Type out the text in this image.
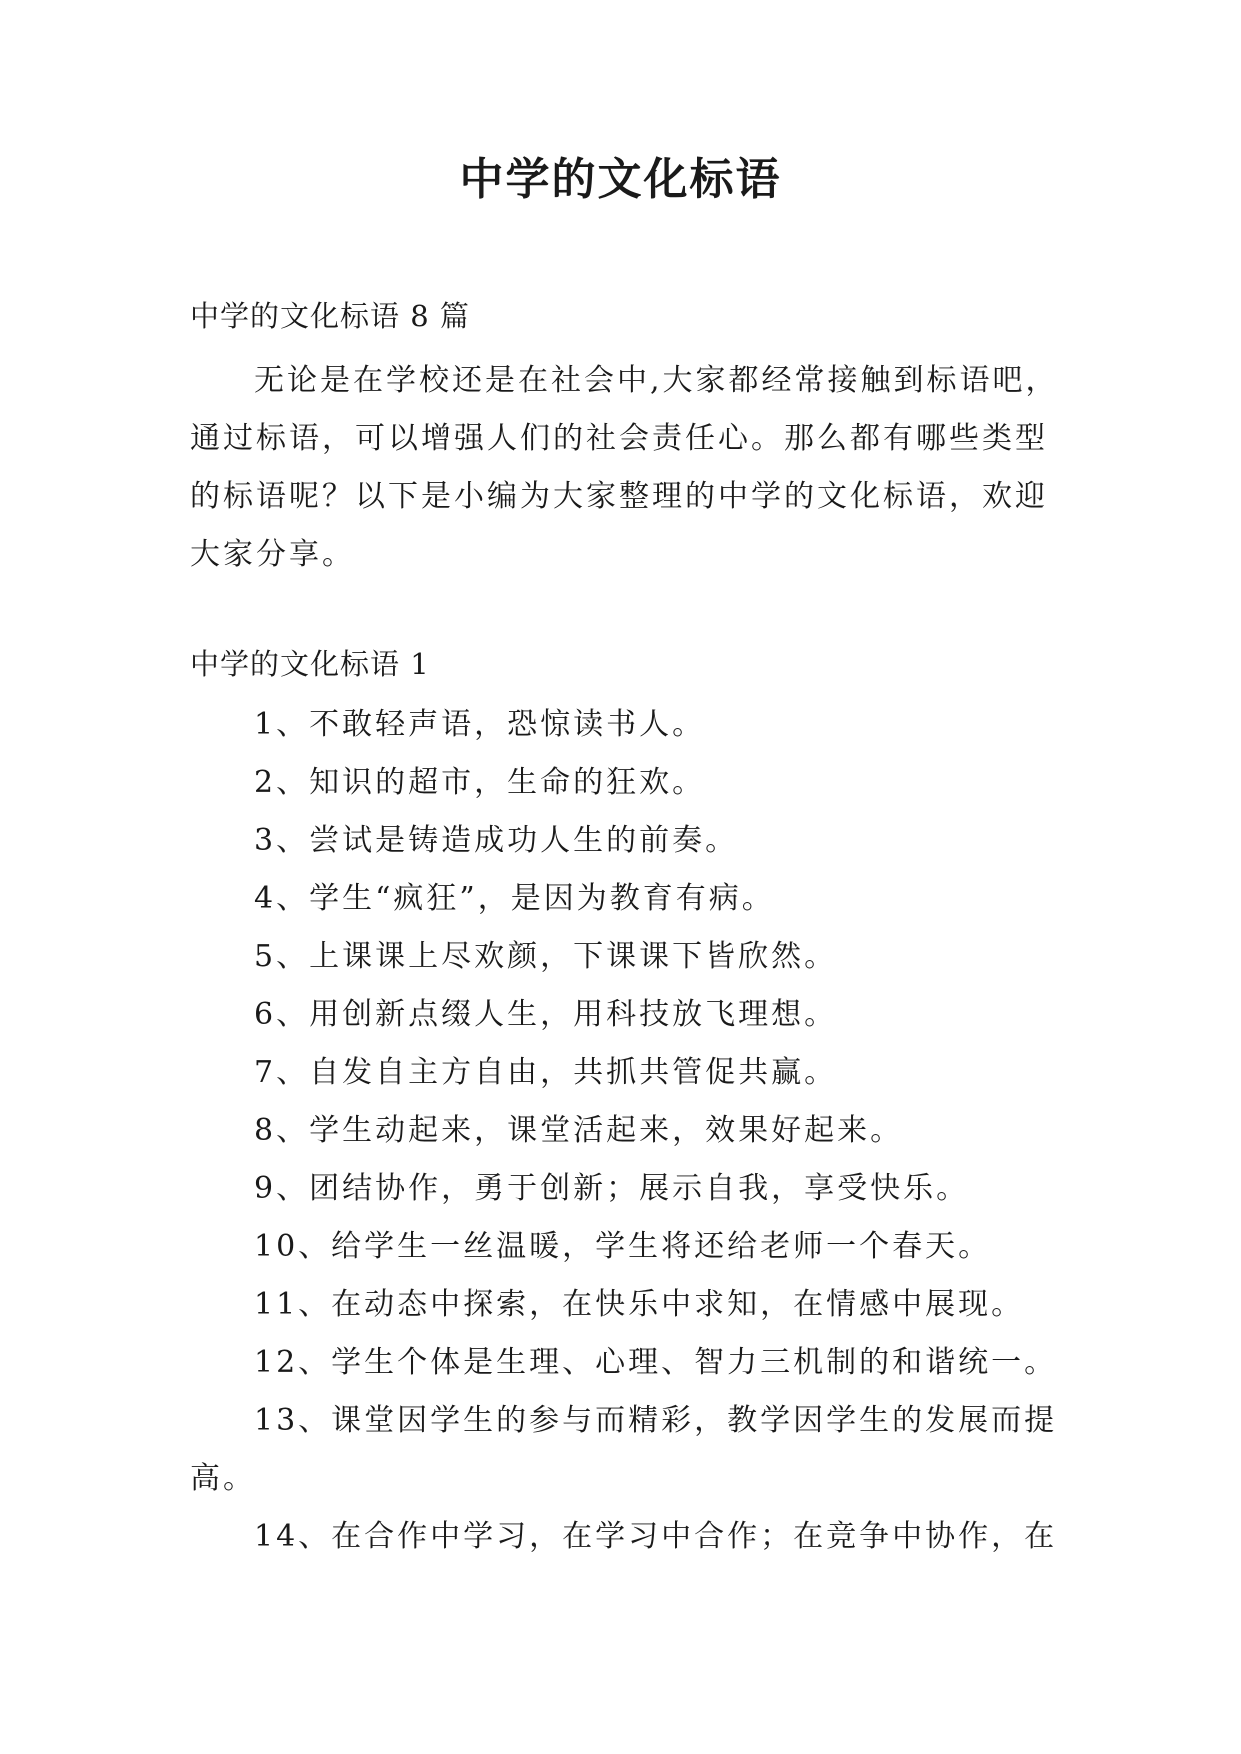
中学的文化标语

中学的文化标语 8 篇

无论是在学校还是在社会中,大家都经常接触到标语吧，通过标语，可以增强人们的社会责任心。那么都有哪些类型的标语呢？以下是小编为大家整理的中学的文化标语，欢迎大家分享。

中学的文化标语 1

1、不敢轻声语，恐惊读书人。
2、知识的超市，生命的狂欢。
3、尝试是铸造成功人生的前奏。
4、学生“疯狂”，是因为教育有病。
5、上课课上尽欢颜，下课课下皆欣然。
6、用创新点缀人生，用科技放飞理想。
7、自发自主方自由，共抓共管促共赢。
8、学生动起来，课堂活起来，效果好起来。
9、团结协作，勇于创新；展示自我，享受快乐。
10、给学生一丝温暖，学生将还给老师一个春天。
11、在动态中探索，在快乐中求知，在情感中展现。
12、学生个体是生理、心理、智力三机制的和谐统一。
13、课堂因学生的参与而精彩，教学因学生的发展而提高。
14、在合作中学习，在学习中合作；在竞争中协作，在
